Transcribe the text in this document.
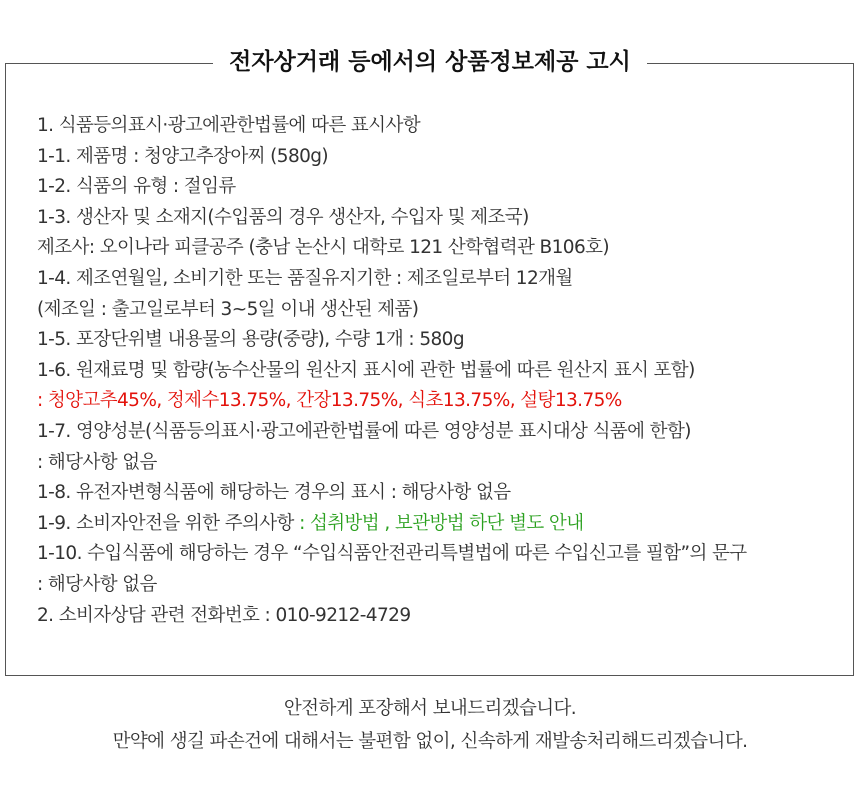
전자상거래 등에서의 상품정보제공 고시
1. 식품등의표시·광고에관한법률에 따른 표시사항
1-1. 제품명 : 청양고추장아찌 (580g)
1-2. 식품의 유형 : 절임류
1-3. 생산자 및 소재지(수입품의 경우 생산자, 수입자 및 제조국)
제조사: 오이나라 피클공주 (충남 논산시 대학로 121 산학협력관 B106호)
1-4. 제조연월일, 소비기한 또는 품질유지기한 : 제조일로부터 12개월
(제조일 : 출고일로부터 3~5일 이내 생산된 제품)
1-5. 포장단위별 내용물의 용량(중량), 수량 1개 : 580g
1-6. 원재료명 및 함량(농수산물의 원산지 표시에 관한 법률에 따른 원산지 표시 포함)
: 청양고추45%, 정제수13.75%, 간장13.75%, 식초13.75%, 설탕13.75%
1-7. 영양성분(식품등의표시·광고에관한법률에 따른 영양성분 표시대상 식품에 한함)
: 해당사항 없음
1-8. 유전자변형식품에 해당하는 경우의 표시 : 해당사항 없음
1-9. 소비자안전을 위한 주의사항 : 섭취방법 , 보관방법 하단 별도 안내
1-10. 수입식품에 해당하는 경우 “수입식품안전관리특별법에 따른 수입신고를 필함”의 문구
: 해당사항 없음
2. 소비자상담 관련 전화번호 : 010-9212-4729
안전하게 포장해서 보내드리겠습니다.
만약에 생길 파손건에 대해서는 불편함 없이, 신속하게 재발송처리해드리겠습니다.
